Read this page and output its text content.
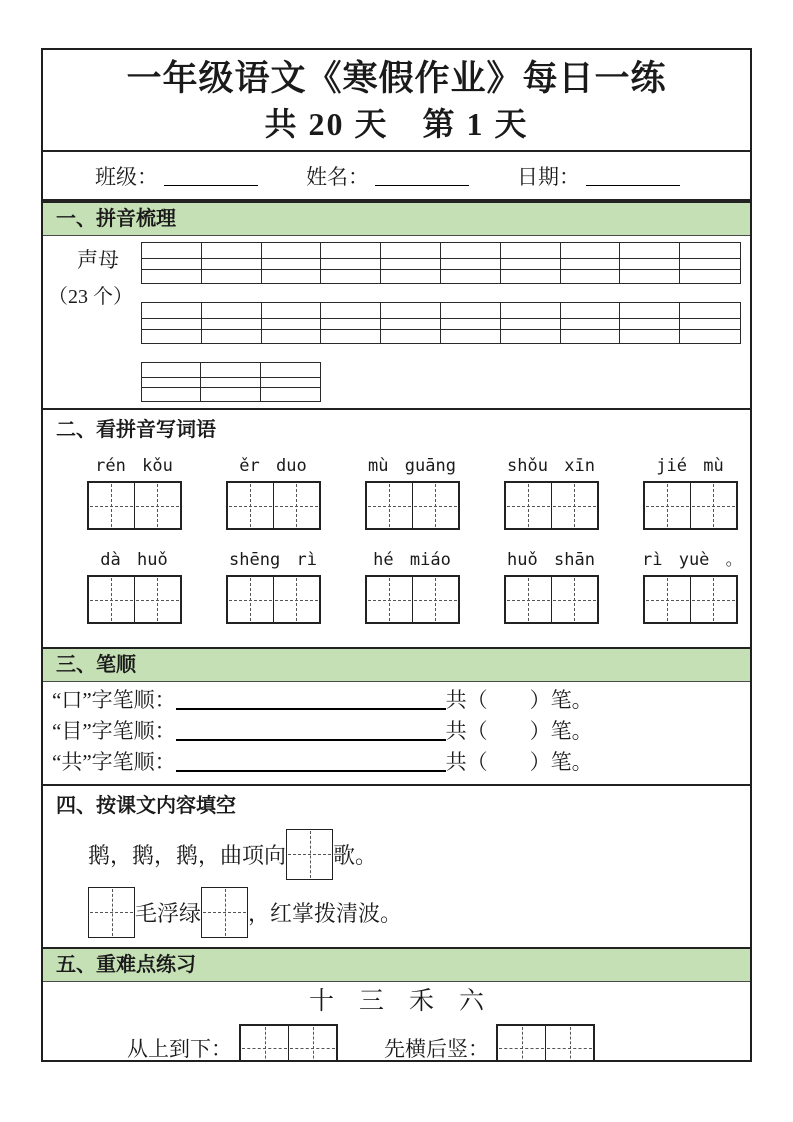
一年级语文《寒假作业》每日一练
共 20 天　第 1 天
班级：	姓名：	日期：
一、拼音梳理
声母
（23 个）
二、看拼音写词语
rén kǒu	ěr duo	mù guāng	shǒu xīn	jié mù
dà huǒ	shēng rì	hé miáo	huǒ shān	rì yuè 。
三、笔顺
“口”字笔顺：	共（　　）笔。
“目”字笔顺：	共（　　）笔。
“共”字笔顺：	共（　　）笔。
四、按课文内容填空
鹅，鹅，鹅，曲项向 歌。
毛浮绿 ，红掌拨清波。
五、重难点练习
十　三　禾　六
从上到下：	先横后竖：
